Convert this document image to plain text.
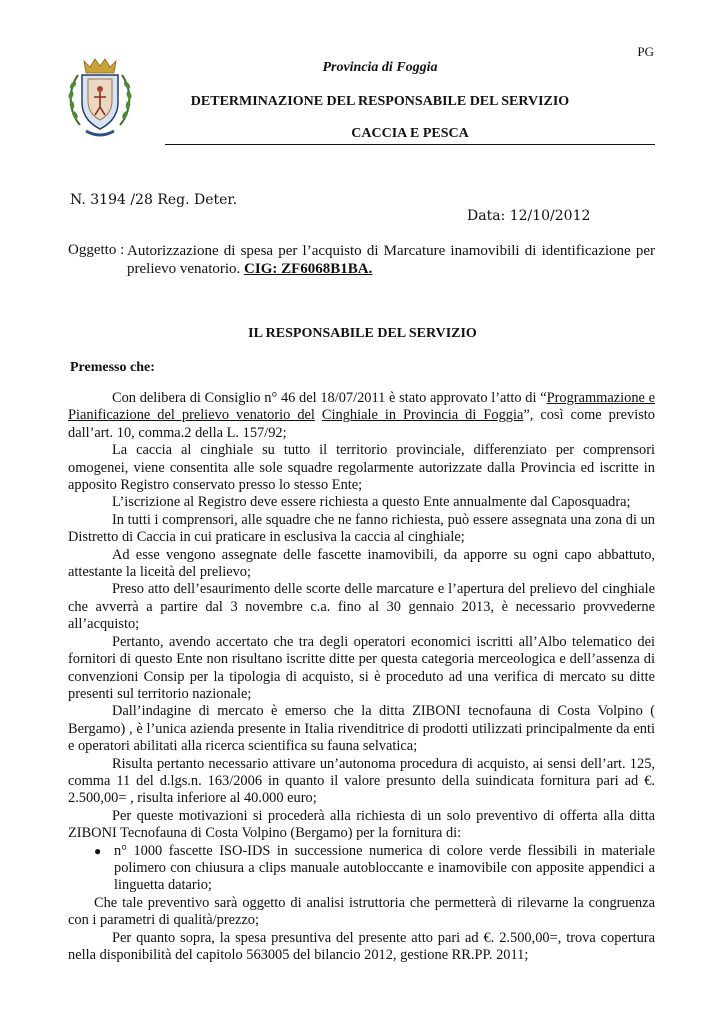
PG
Provincia di Foggia
DETERMINAZIONE DEL RESPONSABILE DEL SERVIZIO
CACCIA E PESCA
N. 3194 /28 Reg. Deter.
Data: 12/10/2012
Oggetto : Autorizzazione di spesa per l’acquisto di Marcature inamovibili di identificazione per prelievo venatorio. CIG: ZF6068B1BA.
IL RESPONSABILE DEL SERVIZIO
Premesso che:

Con delibera di Consiglio n° 46 del 18/07/2011 è stato approvato l’atto di “Programmazione e Pianificazione del prelievo venatorio del Cinghiale in Provincia di Foggia”, così come previsto dall’art. 10, comma.2 della L. 157/92;

La caccia al cinghiale su tutto il territorio provinciale, differenziato per comprensori omogenei, viene consentita alle sole squadre regolarmente autorizzate dalla Provincia ed iscritte in apposito Registro conservato presso lo stesso Ente;

L’iscrizione al Registro deve essere richiesta a questo Ente annualmente dal Caposquadra;

In tutti i comprensori, alle squadre che ne fanno richiesta, può essere assegnata una zona di un Distretto di Caccia in cui praticare in esclusiva la caccia al cinghiale;

Ad esse vengono assegnate delle fascette inamovibili, da apporre su ogni capo abbattuto, attestante la liceità del prelievo;

Preso atto dell’esaurimento delle scorte delle marcature e l’apertura del prelievo del cinghiale che avverrà a partire dal 3 novembre c.a. fino al 30 gennaio 2013, è necessario provvederne all’acquisto;

Pertanto, avendo accertato che tra degli operatori economici iscritti all’Albo telematico dei fornitori di questo Ente non risultano iscritte ditte per questa categoria merceologica e dell’assenza di convenzioni Consip per la tipologia di acquisto, si è proceduto ad una verifica di mercato su ditte presenti sul territorio nazionale;

Dall’indagine di mercato è emerso che la ditta ZIBONI tecnofauna di Costa Volpino ( Bergamo) , è l’unica azienda presente in Italia rivenditrice di prodotti utilizzati principalmente da enti e operatori abilitati alla ricerca scientifica su fauna selvatica;

Risulta pertanto necessario attivare un’autonoma procedura di acquisto, ai sensi dell’art. 125, comma 11 del d.lgs.n. 163/2006 in quanto il valore presunto della suindicata fornitura pari ad €. 2.500,00= , risulta inferiore al 40.000 euro;

Per queste motivazioni si procederà alla richiesta di un solo preventivo di offerta alla ditta ZIBONI Tecnofauna di Costa Volpino (Bergamo) per la fornitura di:

● n° 1000 fascette ISO-IDS in successione numerica di colore verde flessibili in materiale polimero con chiusura a clips manuale autobloccante e inamovibile con apposite appendici a linguetta datario;

Che tale preventivo sarà oggetto di analisi istruttoria che permetterà di rilevarne la congruenza con i parametri di qualità/prezzo;

Per quanto sopra, la spesa presuntiva del presente atto pari ad €. 2.500,00=, trova copertura nella disponibilità del capitolo 563005 del bilancio 2012, gestione RR.PP. 2011;
